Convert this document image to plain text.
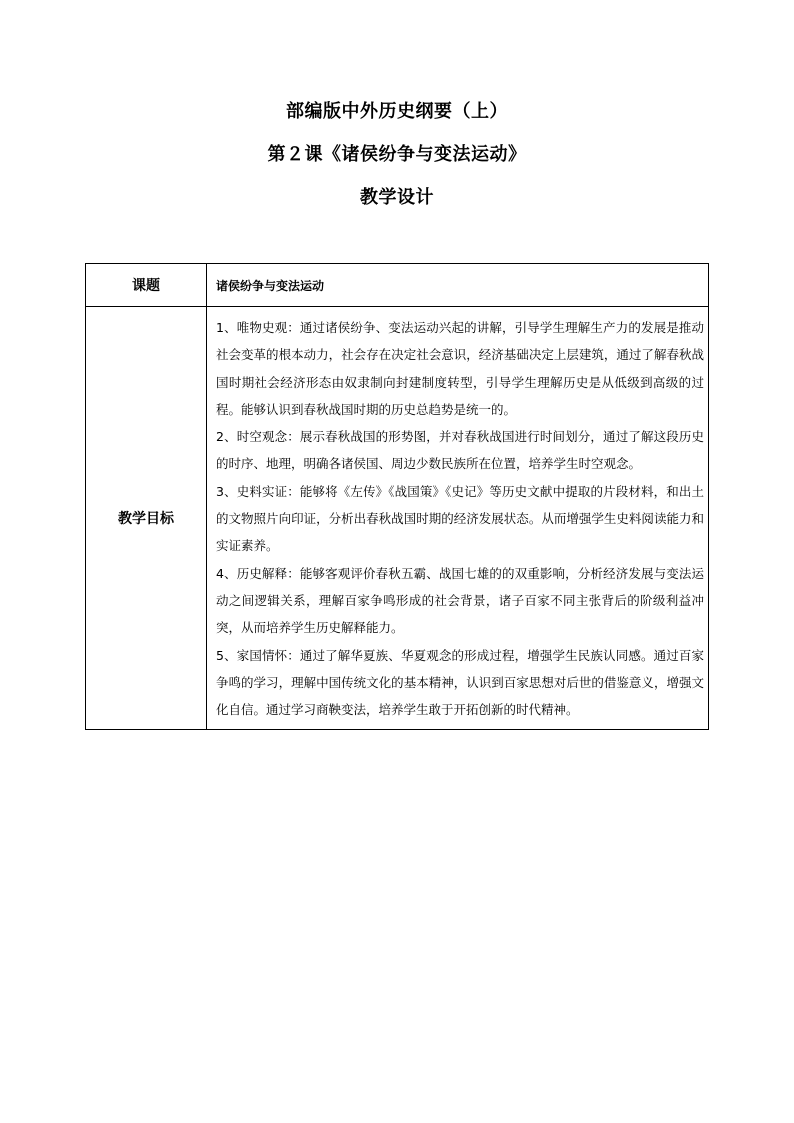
部编版中外历史纲要（上）
第２课《诸侯纷争与变法运动》
教学设计
课题	诸侯纷争与变法运动
教学目标	1、唯物史观：通过诸侯纷争、变法运动兴起的讲解，引导学生理解生产力的发展是推动社会变革的根本动力，社会存在决定社会意识，经济基础决定上层建筑，通过了解春秋战国时期社会经济形态由奴隶制向封建制度转型，引导学生理解历史是从低级到高级的过程。能够认识到春秋战国时期的历史总趋势是统一的。

2、时空观念：展示春秋战国的形势图，并对春秋战国进行时间划分，通过了解这段历史的时序、地理，明确各诸侯国、周边少数民族所在位置，培养学生时空观念。

3、史料实证：能够将《左传》《战国策》《史记》等历史文献中提取的片段材料，和出土的文物照片向印证，分析出春秋战国时期的经济发展状态。从而增强学生史料阅读能力和实证素养。

4、历史解释：能够客观评价春秋五霸、战国七雄的的双重影响，分析经济发展与变法运动之间逻辑关系，理解百家争鸣形成的社会背景，诸子百家不同主张背后的阶级利益冲突，从而培养学生历史解释能力。

5、家国情怀：通过了解华夏族、华夏观念的形成过程，增强学生民族认同感。通过百家争鸣的学习，理解中国传统文化的基本精神，认识到百家思想对后世的借鉴意义，增强文化自信。通过学习商鞅变法，培养学生敢于开拓创新的时代精神。
